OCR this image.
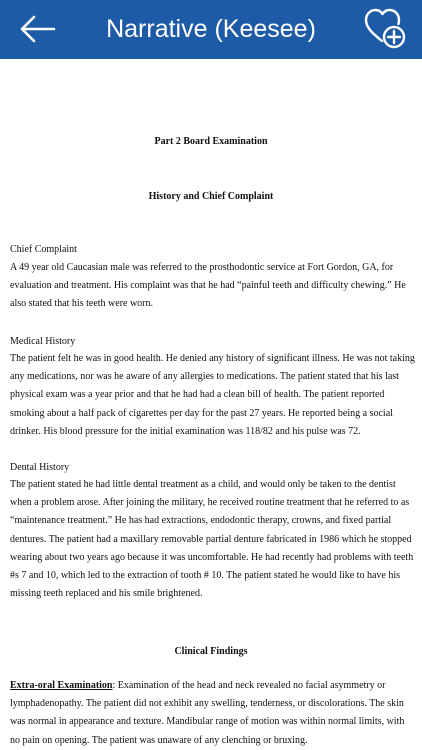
Narrative (Keesee)
Part 2 Board Examination
History and Chief Complaint
Chief Complaint
A 49 year old Caucasian male was referred to the prosthodontic service at Fort Gordon, GA, for evaluation and treatment. His complaint was that he had “painful teeth and difficulty chewing.” He also stated that his teeth were worn.
Medical History
The patient felt he was in good health. He denied any history of significant illness. He was not taking any medications, nor was he aware of any allergies to medications. The patient stated that his last physical exam was a year prior and that he had had a clean bill of health. The patient reported smoking about a half pack of cigarettes per day for the past 27 years. He reported being a social drinker. His blood pressure for the initial examination was 118/82 and his pulse was 72.
Dental History
The patient stated he had little dental treatment as a child, and would only be taken to the dentist when a problem arose. After joining the military, he received routine treatment that he referred to as “maintenance treatment.” He has had extractions, endodontic therapy, crowns, and fixed partial dentures. The patient had a maxillary removable partial denture fabricated in 1986 which he stopped wearing about two years ago because it was uncomfortable. He had recently had problems with teeth #s 7 and 10, which led to the extraction of tooth # 10. The patient stated he would like to have his missing teeth replaced and his smile brightened.
Clinical Findings
Extra-oral Examination: Examination of the head and neck revealed no facial asymmetry or lymphadenopathy. The patient did not exhibit any swelling, tenderness, or discolorations. The skin was normal in appearance and texture. Mandibular range of motion was within normal limits, with no pain on opening. The patient was unaware of any clenching or bruxing.
